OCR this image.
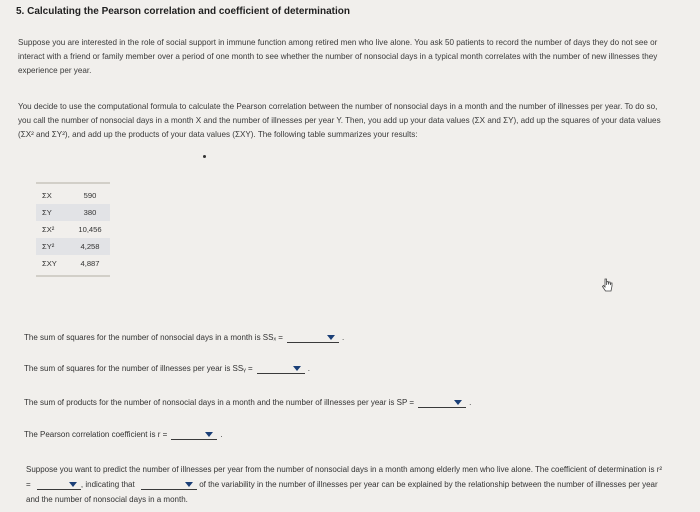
5. Calculating the Pearson correlation and coefficient of determination
Suppose you are interested in the role of social support in immune function among retired men who live alone. You ask 50 patients to record the number of days they do not see or interact with a friend or family member over a period of one month to see whether the number of nonsocial days in a typical month correlates with the number of new illnesses they experience per year.
You decide to use the computational formula to calculate the Pearson correlation between the number of nonsocial days in a month and the number of illnesses per year. To do so, you call the number of nonsocial days in a month X and the number of illnesses per year Y. Then, you add up your data values (ΣX and ΣY), add up the squares of your data values (ΣX² and ΣY²), and add up the products of your data values (ΣXY). The following table summarizes your results:
ΣX	590
ΣY	380
ΣX²	10,456
ΣY²	4,258
ΣXY	4,887
The sum of squares for the number of nonsocial days in a month is SSₓ =	.
The sum of squares for the number of illnesses per year is SSᵧ =	.
The sum of products for the number of nonsocial days in a month and the number of illnesses per year is SP =	.
The Pearson correlation coefficient is r =	.
Suppose you want to predict the number of illnesses per year from the number of nonsocial days in a month among elderly men who live alone. The coefficient of determination is r² =	, indicating that	of the variability in the number of illnesses per year can be explained by the relationship between the number of illnesses per year and the number of nonsocial days in a month.
